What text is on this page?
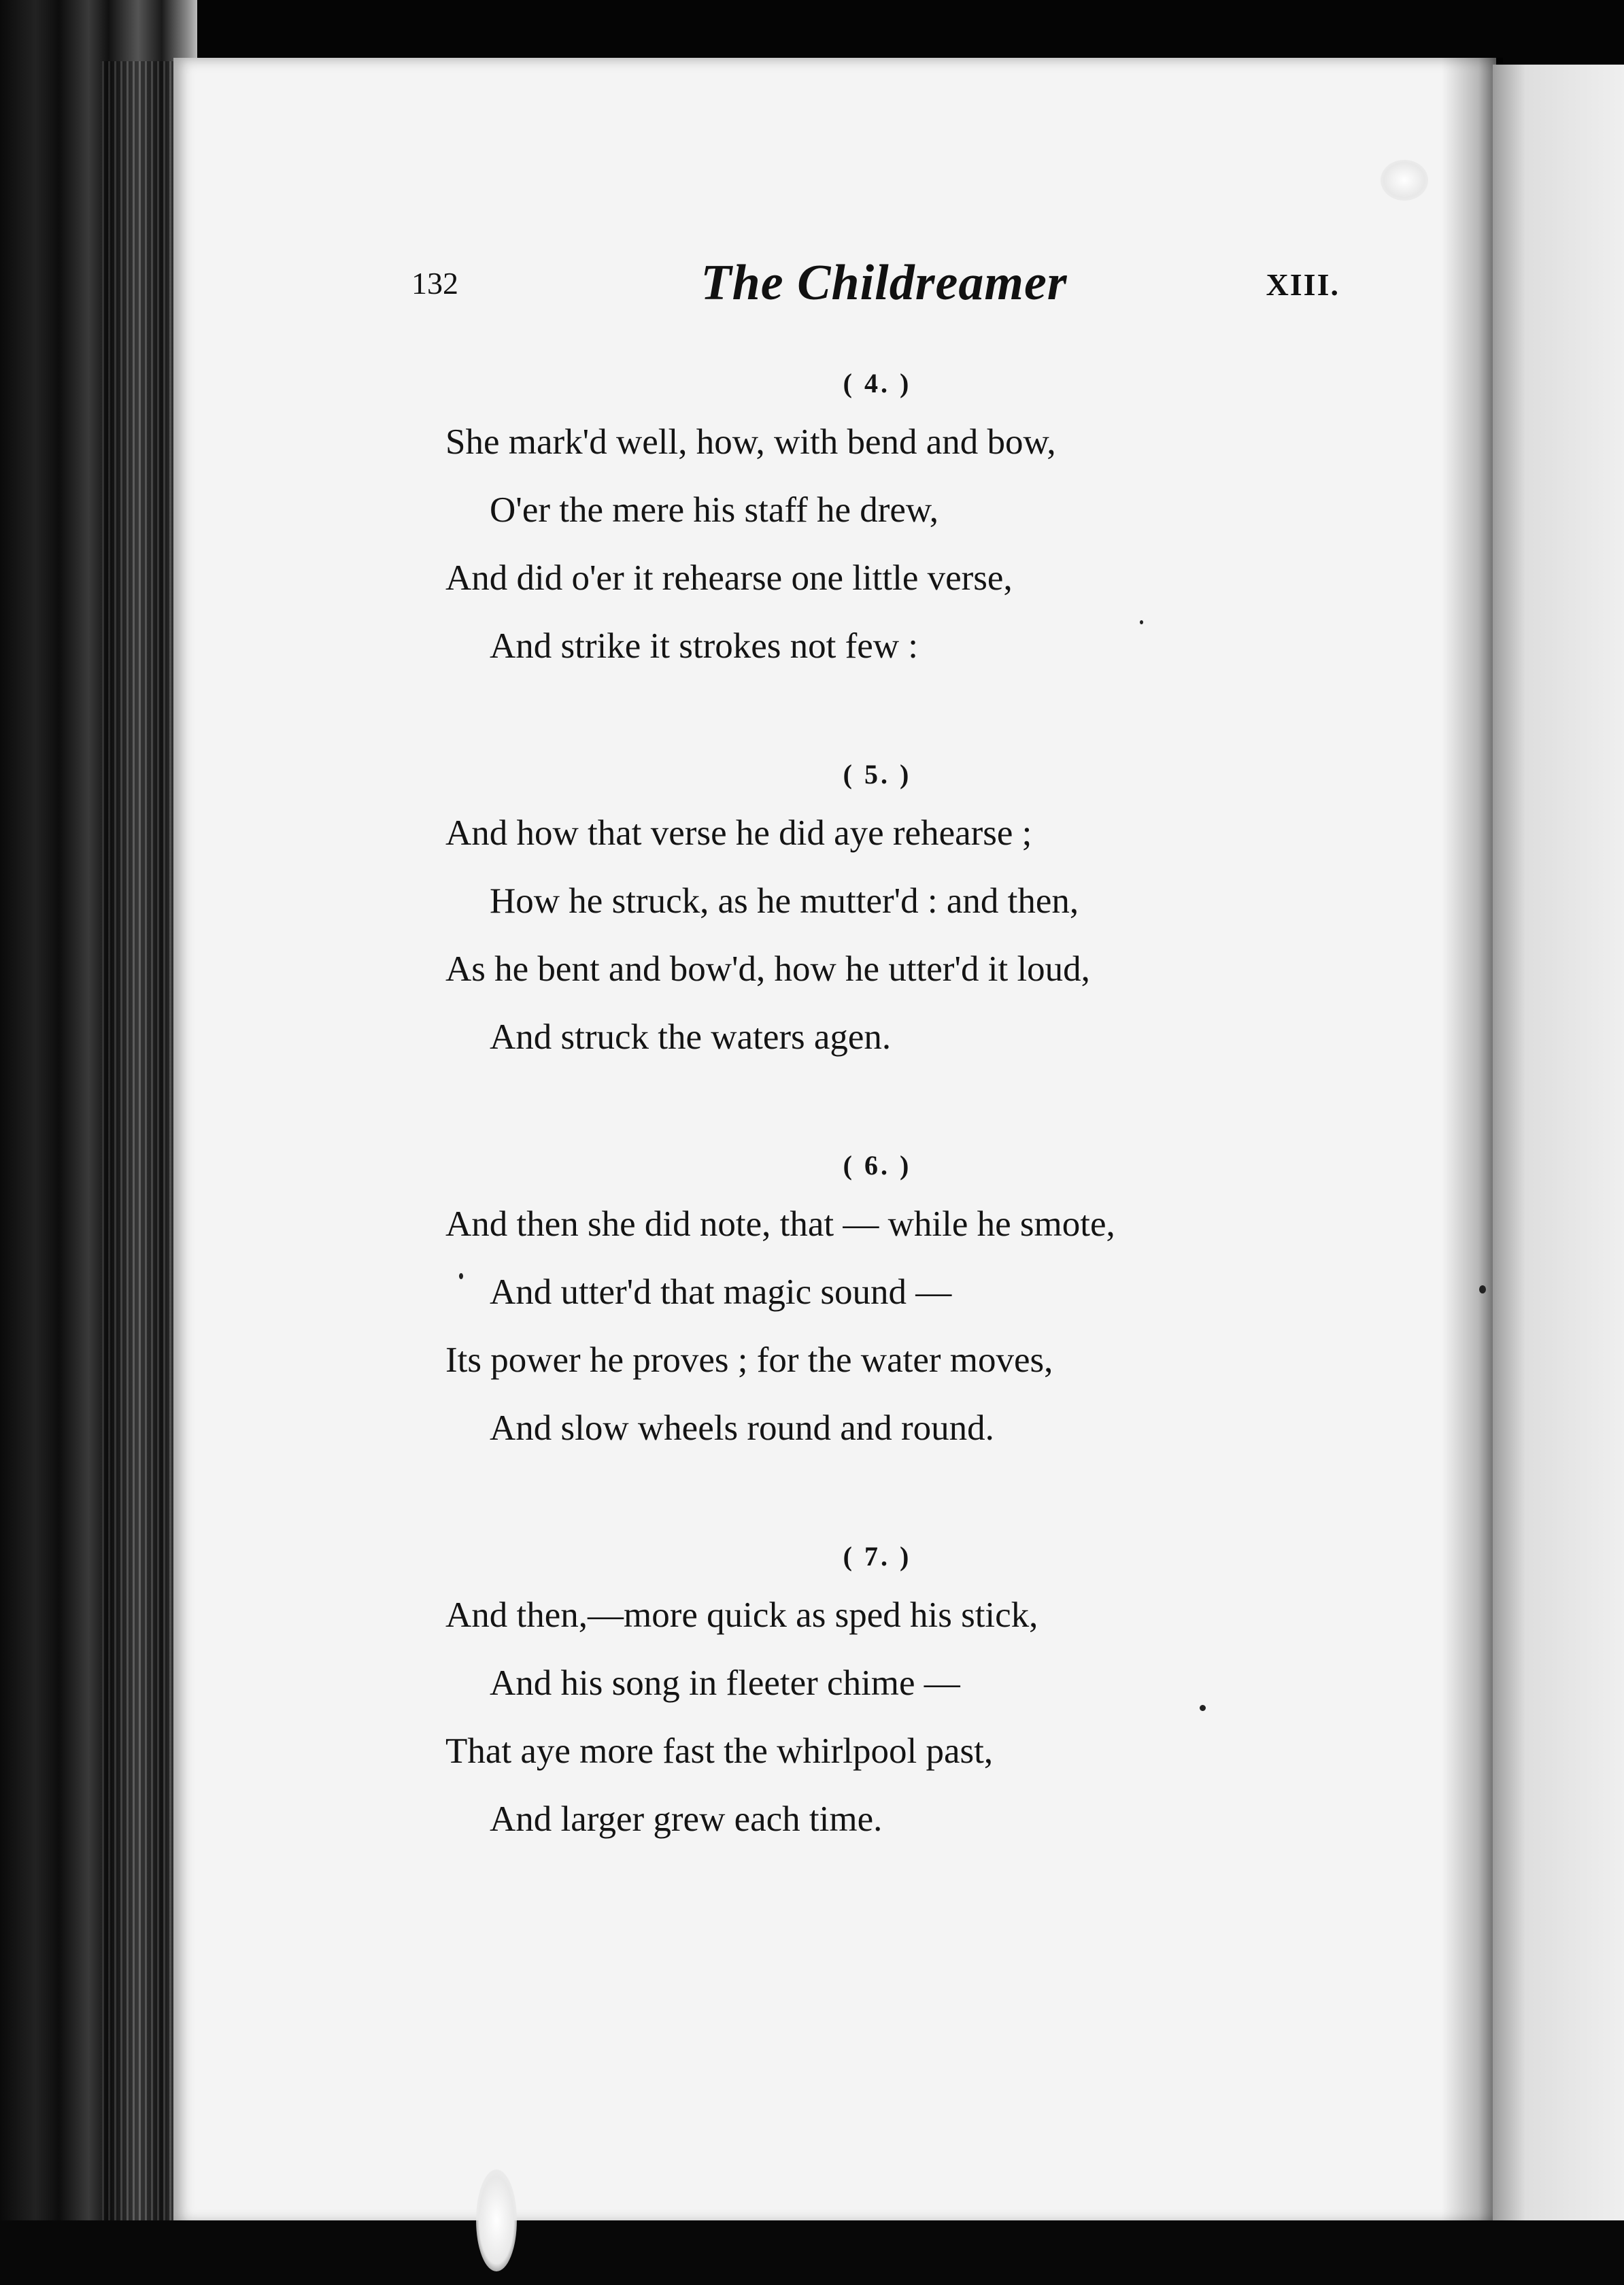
132	The Childreamer	XIII.
( 4. )
She mark'd well, how, with bend and bow,
O'er the mere his staff he drew,
And did o'er it rehearse one little verse,
And strike it strokes not few :
( 5. )
And how that verse he did aye rehearse ;
How he struck, as he mutter'd : and then,
As he bent and bow'd, how he utter'd it loud,
And struck the waters agen.
( 6. )
And then she did note, that — while he smote,
And utter'd that magic sound —
Its power he proves ; for the water moves,
And slow wheels round and round.
( 7. )
And then,—more quick as sped his stick,
And his song in fleeter chime —
That aye more fast the whirlpool past,
And larger grew each time.
